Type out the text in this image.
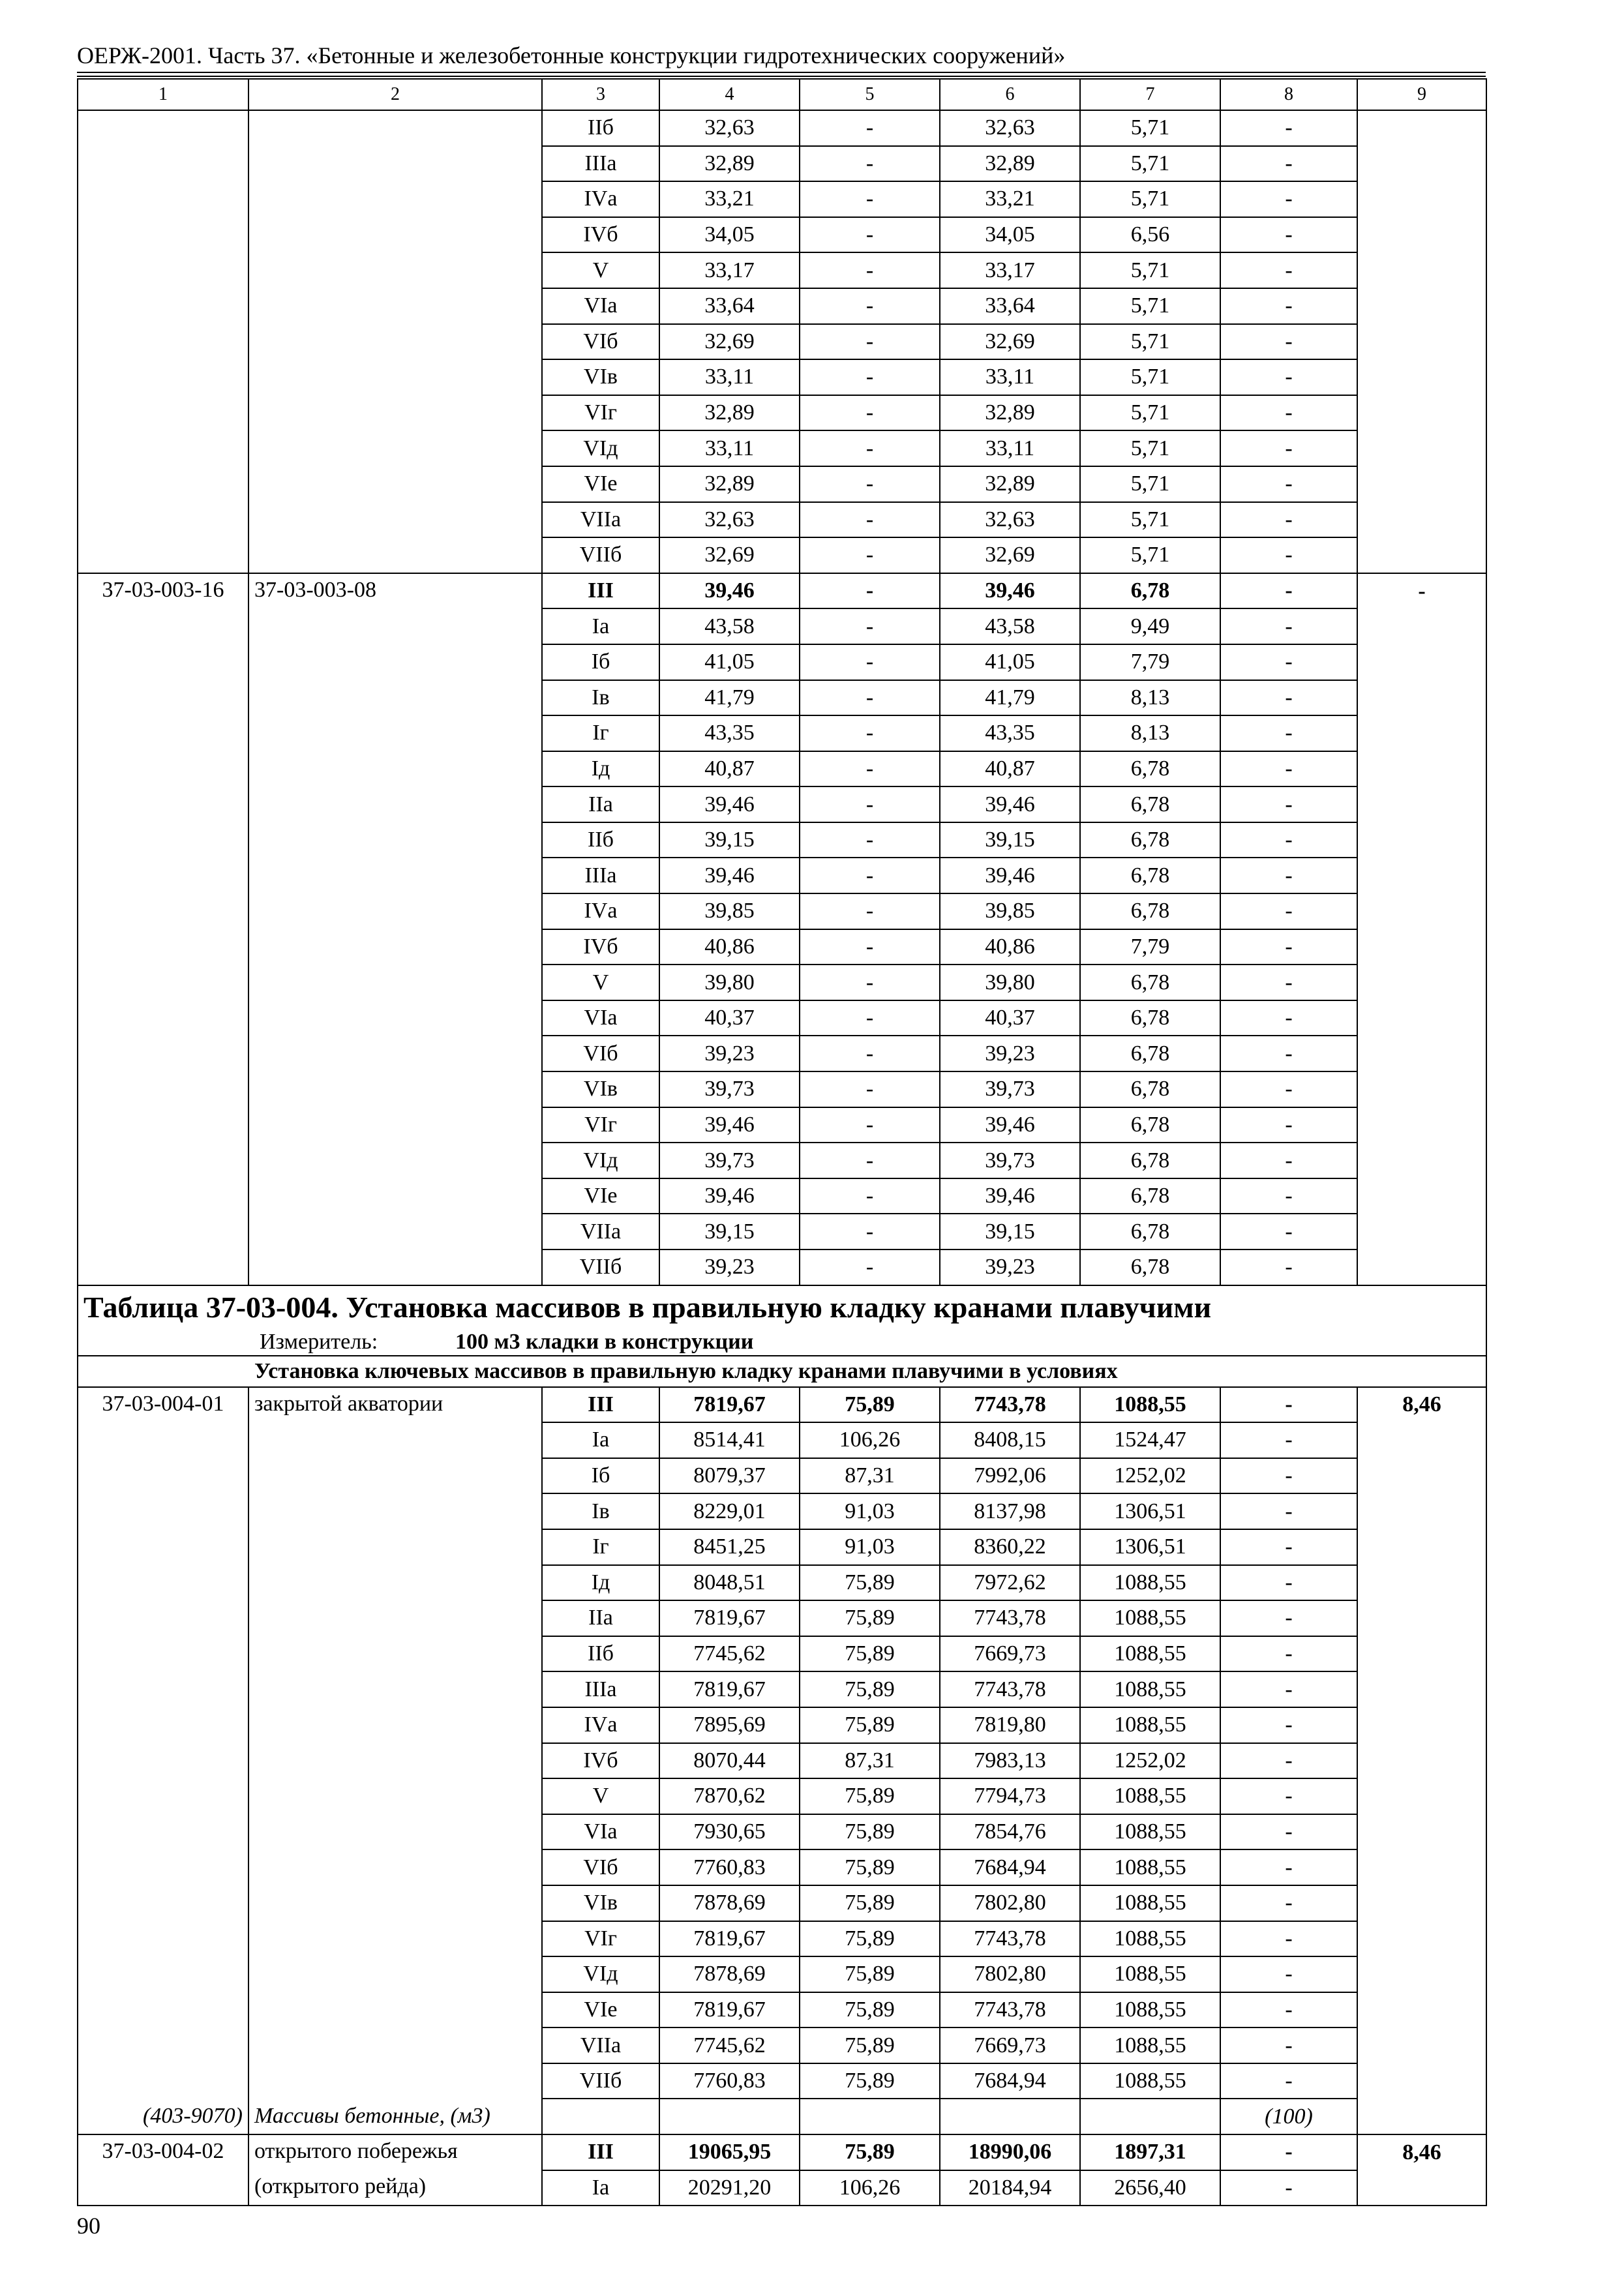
ОЕРЖ-2001. Часть 37. «Бетонные и железобетонные конструкции гидротехнических сооружений»
1	2	3	4	5	6	7	8	9
		IIб	32,63	-	32,63	5,71	-	
		IIIа	32,89	-	32,89	5,71	-	
		IVа	33,21	-	33,21	5,71	-	
		IVб	34,05	-	34,05	6,56	-	
		V	33,17	-	33,17	5,71	-	
		VIа	33,64	-	33,64	5,71	-	
		VIб	32,69	-	32,69	5,71	-	
		VIв	33,11	-	33,11	5,71	-	
		VIг	32,89	-	32,89	5,71	-	
		VIд	33,11	-	33,11	5,71	-	
		VIе	32,89	-	32,89	5,71	-	
		VIIа	32,63	-	32,63	5,71	-	
		VIIб	32,69	-	32,69	5,71	-	
37-03-003-16	37-03-003-08	III	39,46	-	39,46	6,78	-	-
		Iа	43,58	-	43,58	9,49	-	
		Iб	41,05	-	41,05	7,79	-	
		Iв	41,79	-	41,79	8,13	-	
		Iг	43,35	-	43,35	8,13	-	
		Iд	40,87	-	40,87	6,78	-	
		IIа	39,46	-	39,46	6,78	-	
		IIб	39,15	-	39,15	6,78	-	
		IIIа	39,46	-	39,46	6,78	-	
		IVа	39,85	-	39,85	6,78	-	
		IVб	40,86	-	40,86	7,79	-	
		V	39,80	-	39,80	6,78	-	
		VIа	40,37	-	40,37	6,78	-	
		VIб	39,23	-	39,23	6,78	-	
		VIв	39,73	-	39,73	6,78	-	
		VIг	39,46	-	39,46	6,78	-	
		VIд	39,73	-	39,73	6,78	-	
		VIе	39,46	-	39,46	6,78	-	
		VIIа	39,15	-	39,15	6,78	-	
		VIIб	39,23	-	39,23	6,78	-	
Таблица 37-03-004. Установка массивов в правильную кладку кранами плавучими								
Измеритель: 100 м3 кладки в конструкции								
Установка ключевых массивов в правильную кладку кранами плавучими в условиях								
37-03-004-01	закрытой акватории	III	7819,67	75,89	7743,78	1088,55	-	8,46
		Iа	8514,41	106,26	8408,15	1524,47	-	
		Iб	8079,37	87,31	7992,06	1252,02	-	
		Iв	8229,01	91,03	8137,98	1306,51	-	
		Iг	8451,25	91,03	8360,22	1306,51	-	
		Iд	8048,51	75,89	7972,62	1088,55	-	
		IIа	7819,67	75,89	7743,78	1088,55	-	
		IIб	7745,62	75,89	7669,73	1088,55	-	
		IIIа	7819,67	75,89	7743,78	1088,55	-	
		IVа	7895,69	75,89	7819,80	1088,55	-	
		IVб	8070,44	87,31	7983,13	1252,02	-	
		V	7870,62	75,89	7794,73	1088,55	-	
		VIа	7930,65	75,89	7854,76	1088,55	-	
		VIб	7760,83	75,89	7684,94	1088,55	-	
		VIв	7878,69	75,89	7802,80	1088,55	-	
		VIг	7819,67	75,89	7743,78	1088,55	-	
		VIд	7878,69	75,89	7802,80	1088,55	-	
		VIе	7819,67	75,89	7743,78	1088,55	-	
		VIIа	7745,62	75,89	7669,73	1088,55	-	
		VIIб	7760,83	75,89	7684,94	1088,55	-	
(403-9070)	Массивы бетонные, (м3)						(100)	
37-03-004-02	открытого побережья	III	19065,95	75,89	18990,06	1897,31	-	8,46
	(открытого рейда)	Iа	20291,20	106,26	20184,94	2656,40	-	
90
